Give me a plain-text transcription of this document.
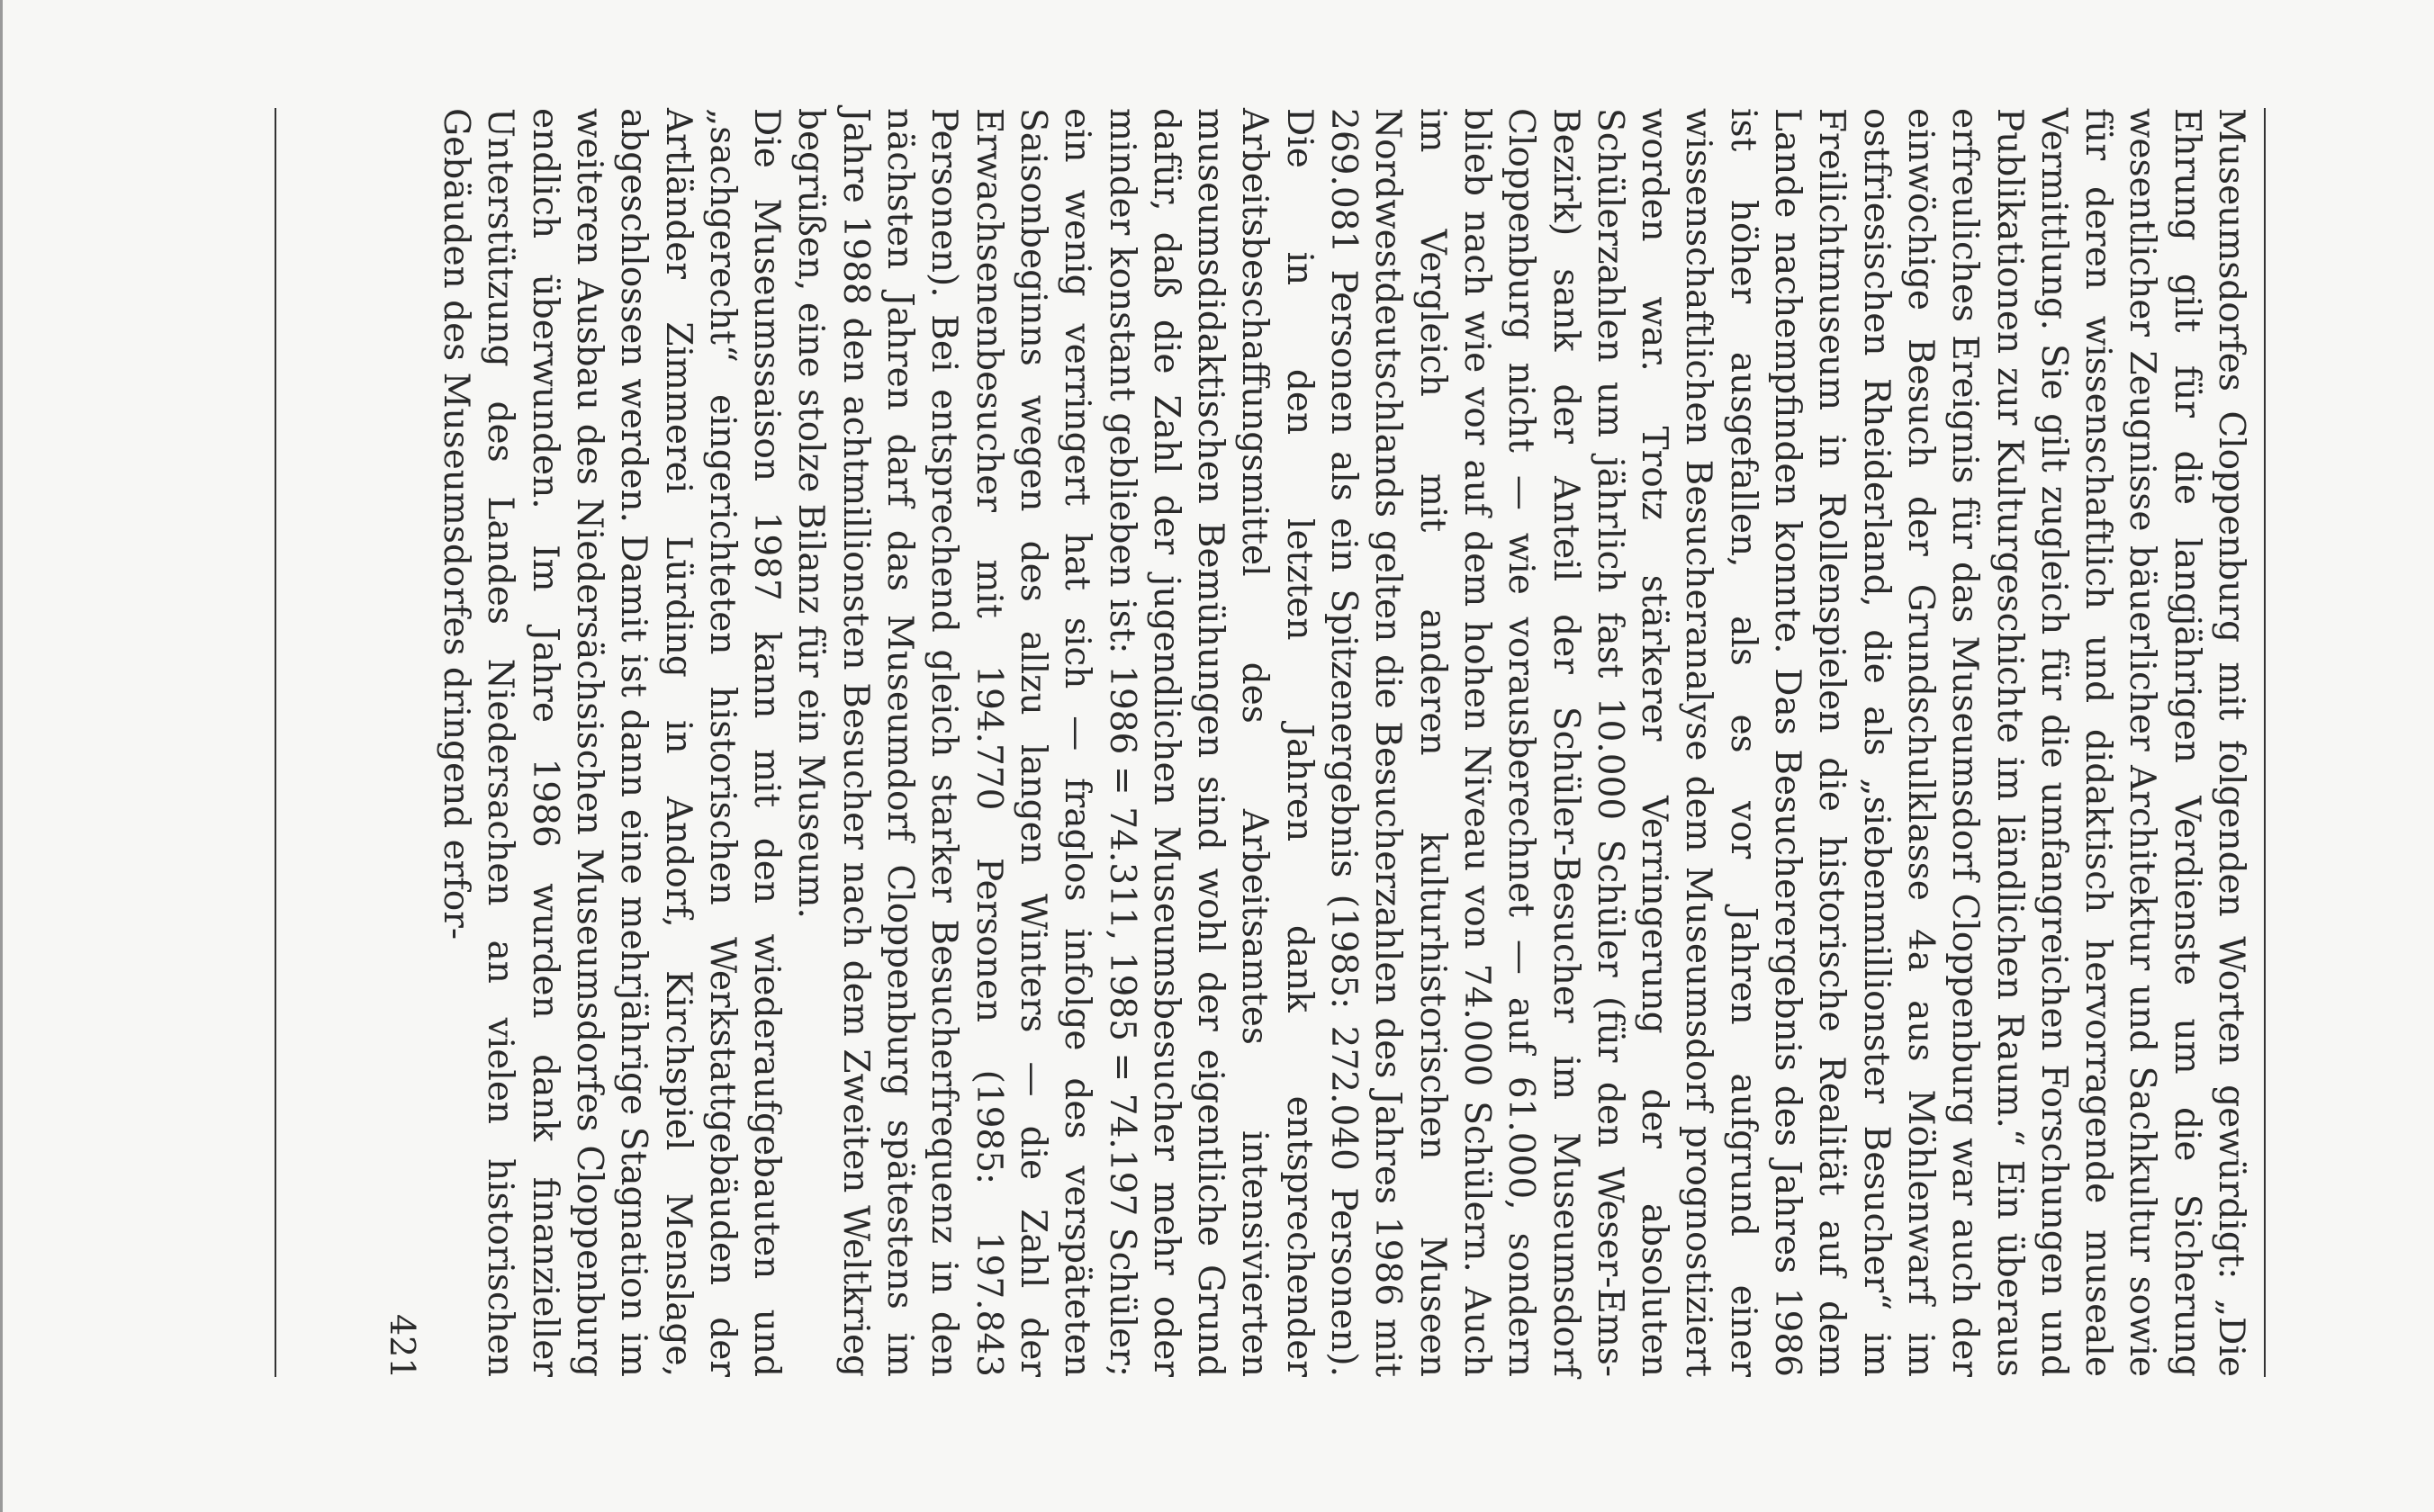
Museumsdorfes Cloppenburg mit folgenden Worten gewürdigt: „Die Ehrung gilt für die langjährigen Verdienste um die Sicherung wesentlicher Zeugnisse bäuerlicher Architektur und Sachkultur sowie für deren wissenschaftlich und didaktisch hervorragende museale Vermittlung. Sie gilt zugleich für die umfangreichen Forschungen und Publikationen zur Kulturgeschichte im ländlichen Raum.“ Ein überaus erfreuliches Ereignis für das Museumsdorf Cloppenburg war auch der einwöchige Besuch der Grundschulklasse 4a aus Möhlenwarf im ostfriesischen Rheiderland, die als „siebenmillionster Besucher“ im Freilichtmuseum in Rollenspielen die historische Realität auf dem Lande nachempfinden konnte. Das Besucherergebnis des Jahres 1986 ist höher ausgefallen, als es vor Jahren aufgrund einer wissenschaftlichen Besucheranalyse dem Museumsdorf prognostiziert worden war. Trotz stärkerer Verringerung der absoluten Schülerzahlen um jährlich fast 10.000 Schüler (für den Weser-Ems-Bezirk) sank der Anteil der Schüler-Besucher im Museumsdorf Cloppenburg nicht — wie vorausberechnet — auf 61.000, sondern blieb nach wie vor auf dem hohen Niveau von 74.000 Schülern. Auch im Vergleich mit anderen kulturhistorischen Museen Nordwestdeutschlands gelten die Besucherzahlen des Jahres 1986 mit 269.081 Personen als ein Spitzenergebnis (1985: 272.040 Personen). Die in den letzten Jahren dank entsprechender Arbeitsbeschaffungsmittel des Arbeitsamtes intensivierten museumsdidaktischen Bemühungen sind wohl der eigentliche Grund dafür, daß die Zahl der jugendlichen Museumsbesucher mehr oder minder konstant geblieben ist: 1986 = 74.311, 1985 = 74.197 Schüler; ein wenig verringert hat sich — fraglos infolge des verspäteten Saisonbeginns wegen des allzu langen Winters — die Zahl der Erwachsenenbesucher mit 194.770 Personen (1985: 197.843 Personen). Bei entsprechend gleich starker Besucherfrequenz in den nächsten Jahren darf das Museumdorf Cloppenburg spätestens im Jahre 1988 den achtmillionsten Besucher nach dem Zweiten Weltkrieg begrüßen, eine stolze Bilanz für ein Museum.

Die Museumssaison 1987 kann mit den wiederaufgebauten und „sachgerecht“ eingerichteten historischen Werkstattgebäuden der Artländer Zimmerei Lürding in Andorf, Kirchspiel Menslage, abgeschlossen werden. Damit ist dann eine mehrjährige Stagnation im weiteren Ausbau des Niedersächsischen Museumsdorfes Cloppenburg endlich überwunden. Im Jahre 1986 wurden dank finanzieller Unterstützung des Landes Niedersachen an vielen historischen Gebäuden des Museumsdorfes dringend erfor-

421
